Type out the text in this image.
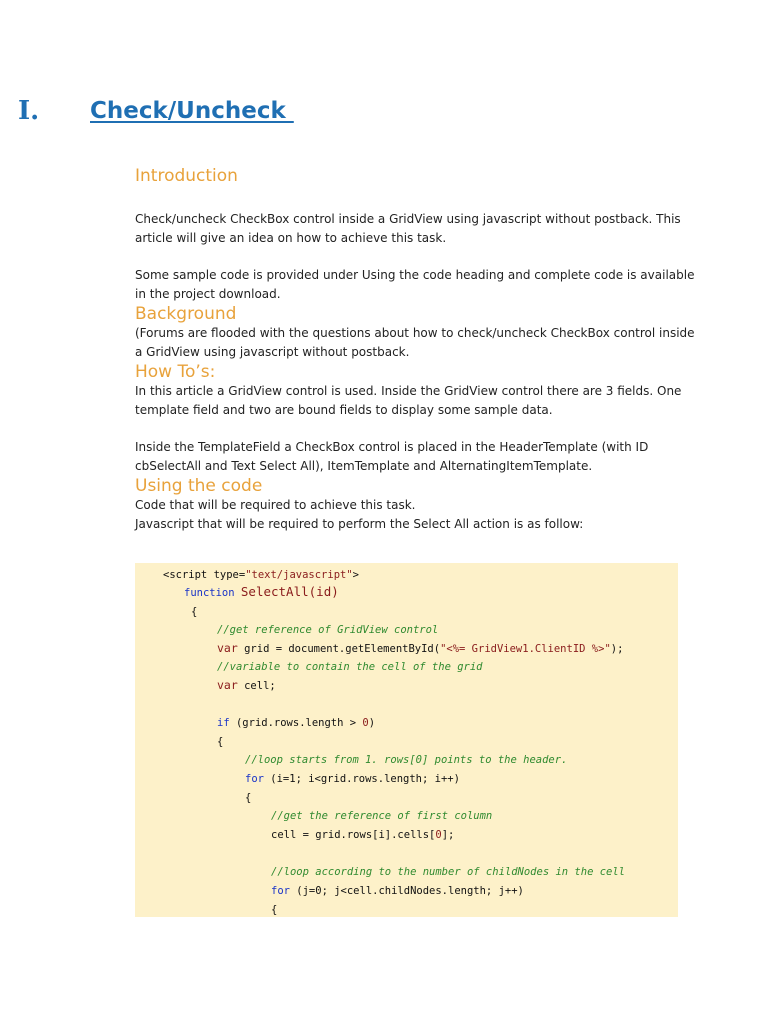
I. Check/Uncheck
Introduction

Check/uncheck CheckBox control inside a GridView using javascript without postback. This article will give an idea on how to achieve this task.

Some sample code is provided under Using the code heading and complete code is available in the project download.

Background

(Forums are flooded with the questions about how to check/uncheck CheckBox control inside a GridView using javascript without postback.

How To’s:

In this article a GridView control is used. Inside the GridView control there are 3 fields. One template field and two are bound fields to display some sample data.

Inside the TemplateField a CheckBox control is placed in the HeaderTemplate (with ID cbSelectAll and Text Select All), ItemTemplate and AlternatingItemTemplate.

Using the code

Code that will be required to achieve this task.

Javascript that will be required to perform the Select All action is as follow:

<script type="text/javascript">
function SelectAll(id)
{
//get reference of GridView control
var grid = document.getElementById("<%= GridView1.ClientID %>");
//variable to contain the cell of the grid
var cell;
if (grid.rows.length > 0)
{
//loop starts from 1. rows[0] points to the header.
for (i=1; i<grid.rows.length; i++)
{
//get the reference of first column
cell = grid.rows[i].cells[0];
//loop according to the number of childNodes in the cell
for (j=0; j<cell.childNodes.length; j++)
{
